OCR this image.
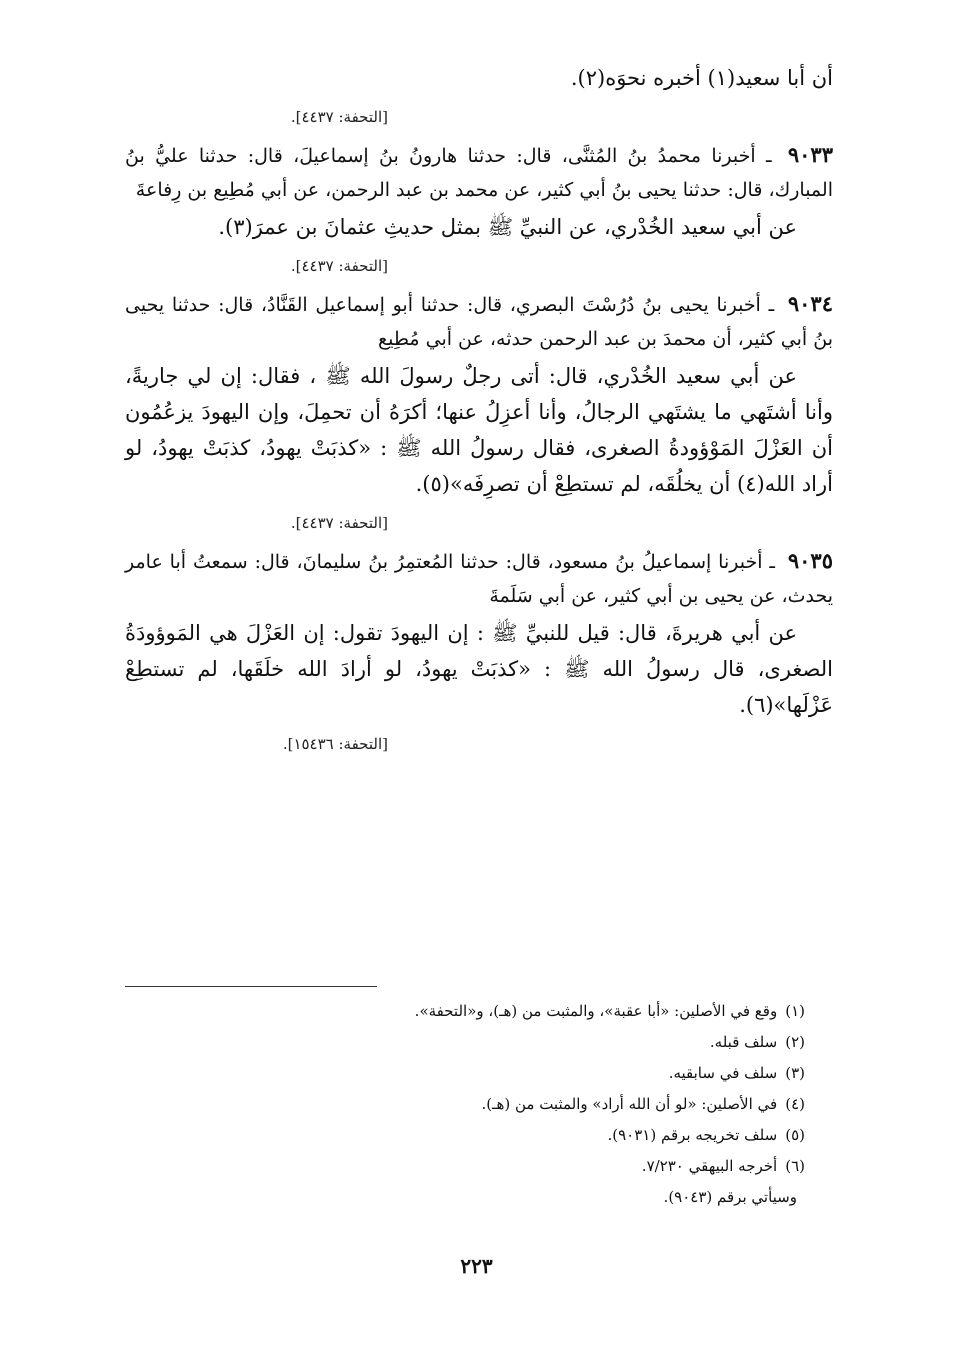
أن أبا سعيد(١) أخبره نحوَه(٢).

[التحفة: ٤٤٣٧].

٩٠٣٣ ـ أخبرنا محمدُ بنُ المُثنَّى، قال: حدثنا هارونُ بنُ إسماعيلَ، قال: حدثنا عليُّ بنُ المبارك، قال: حدثنا يحيى بنُ أبي كثير، عن محمد بن عبد الرحمن، عن أبي مُطِيع بن رِفاعةَ

عن أبي سعيد الخُدْري، عن النبيِّ ﷺ بمثل حديثِ عثمانَ بن عمرَ(٣).

[التحفة: ٤٤٣٧].

٩٠٣٤ ـ أخبرنا يحيى بنُ دُرُسْتَ البصري، قال: حدثنا أبو إسماعيل القَنَّادُ، قال: حدثنا يحيى بنُ أبي كثير، أن محمدَ بن عبد الرحمن حدثه، عن أبي مُطِيع

عن أبي سعيد الخُدْري، قال: أتى رجلٌ رسولَ الله ﷺ ، فقال: إن لي جاريةً، وأنا أشتَهي ما يشتَهي الرجالُ، وأنا أعزِلُ عنها؛ أكرَهُ أن تحمِلَ، وإن اليهودَ يزعُمُون أن العَزْلَ المَوْؤودةُ الصغرى، فقال رسولُ الله ﷺ : «كذبَتْ يهودُ، كذبَتْ يهودُ، لو أراد الله(٤) أن يخلُقَه، لم تستطِعْ أن تصرِفَه»(٥).

[التحفة: ٤٤٣٧].

٩٠٣٥ ـ أخبرنا إسماعيلُ بنُ مسعود، قال: حدثنا المُعتمِرُ بنُ سليمانَ، قال: سمعتُ أبا عامر يحدث، عن يحيى بن أبي كثير، عن أبي سَلَمةَ

عن أبي هريرةَ، قال: قيل للنبيِّ ﷺ : إن اليهودَ تقول: إن العَزْلَ هي المَوؤودَةُ الصغرى، قال رسولُ الله ﷺ : «كذبَتْ يهودُ، لو أرادَ الله خلَقَها، لم تستطِعْ عَزْلَها»(٦).

[التحفة: ١٥٤٣٦].

(١)وقع في الأصلين: «أبا عقبة»، والمثبت من (هـ)، و«التحفة».

(٢)سلف قبله.

(٣)سلف في سابقيه.

(٤)في الأصلين: «لو أن الله أراد» والمثبت من (هـ).

(٥)سلف تخريجه برقم (٩٠٣١).

(٦)أخرجه البيهقي ٧/٢٣٠.

وسيأتي برقم (٩٠٤٣).

٢٢٣
